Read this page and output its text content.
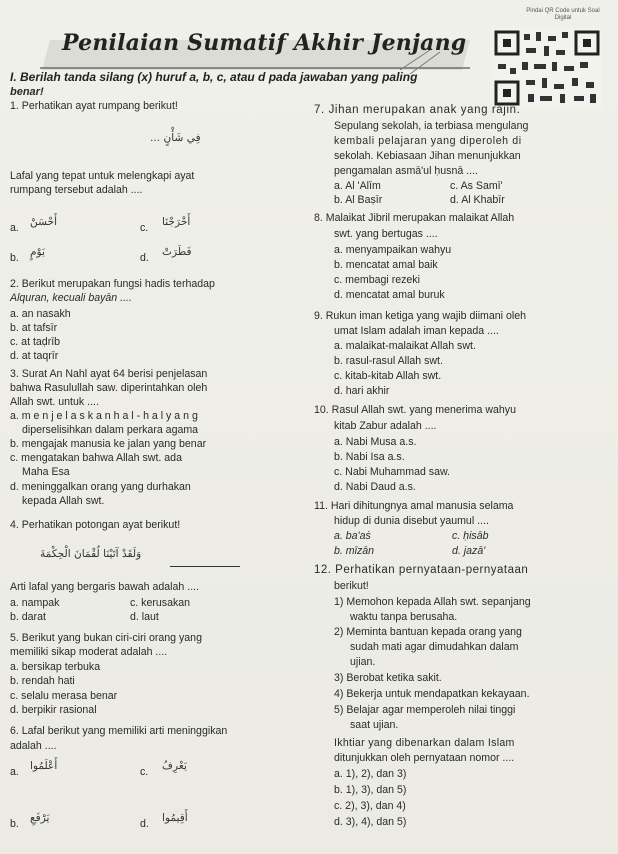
Penilaian Sumatif Akhir Jenjang
Pindai QR Code untuk Soal Digital
I. Berilah tanda silang (x) huruf a, b, c, atau d pada jawaban yang paling
benar!
1. Perhatikan ayat rumpang berikut!
... ﻓِﻲ ﺷَﺄْنٍ
Lafal yang tepat untuk melengkapi ayat
rumpang tersebut adalah ....
a. أَحْسَنْ	c. أَخْرَجْنَا
b. يَوْمٍ	d. فَطَرَتْ
2. Berikut merupakan fungsi hadis terhadap
Alquran, kecuali bayān ....
a. an nasakh
b. at tafsīr
c. at taḍrīb
d. at taqrīr
3. Surat An Nahl ayat 64 berisi penjelasan
bahwa Rasulullah saw. diperintahkan oleh
Allah swt. untuk ....
a. m e n j e l a s k a n h a l - h a l y a n g
diperselisihkan dalam perkara agama
b. mengajak manusia ke jalan yang benar
c. mengatakan bahwa Allah swt. ada
Maha Esa
d. meninggalkan orang yang durhakan
kepada Allah swt.
4. Perhatikan potongan ayat berikut!
وَلَقَدْ آتَيْنَا لُقْمَانَ الْحِكْمَةَ
Arti lafal yang bergaris bawah adalah ....
a. nampak	c. kerusakan
b. darat	d. laut
5. Berikut yang bukan ciri-ciri orang yang
memiliki sikap moderat adalah ....
a. bersikap terbuka
b. rendah hati
c. selalu merasa benar
d. berpikir rasional
6. Lafal berikut yang memiliki arti meninggikan
adalah ....
a. أَعْلَمُوا	c. يَعْرِفُ
b. يَرْفَعِ	d. أَقِيمُوا
7. Jihan merupakan anak yang rajin.
Sepulang sekolah, ia terbiasa mengulang
kembali pelajaran yang diperoleh di
sekolah. Kebiasaan Jihan menunjukkan
pengamalan asmā'ul ḥusnā ....
a. Al 'Alīm	c. As Samī'
b. Al Baṣīr	d. Al Khabīr
8. Malaikat Jibril merupakan malaikat Allah
swt. yang bertugas ....
a. menyampaikan wahyu
b. mencatat amal baik
c. membagi rezeki
d. mencatat amal buruk
9. Rukun iman ketiga yang wajib diimani oleh
umat Islam adalah iman kepada ....
a. malaikat-malaikat Allah swt.
b. rasul-rasul Allah swt.
c. kitab-kitab Allah swt.
d. hari akhir
10. Rasul Allah swt. yang menerima wahyu
kitab Zabur adalah ....
a. Nabi Musa a.s.
b. Nabi Isa a.s.
c. Nabi Muhammad saw.
d. Nabi Daud a.s.
11. Hari dihitungnya amal manusia selama
hidup di dunia disebut yaumul ....
a. ba'aṡ	c. ḥisāb
b. mīzān	d. jazā'
12. Perhatikan pernyataan-pernyataan
berikut!
1) Memohon kepada Allah swt. sepanjang
waktu tanpa berusaha.
2) Meminta bantuan kepada orang yang
sudah mati agar dimudahkan dalam
ujian.
3) Berobat ketika sakit.
4) Bekerja untuk mendapatkan kekayaan.
5) Belajar agar memperoleh nilai tinggi
saat ujian.
Ikhtiar yang dibenarkan dalam Islam
ditunjukkan oleh pernyataan nomor ....
a. 1), 2), dan 3)
b. 1), 3), dan 5)
c. 2), 3), dan 4)
d. 3), 4), dan 5)
